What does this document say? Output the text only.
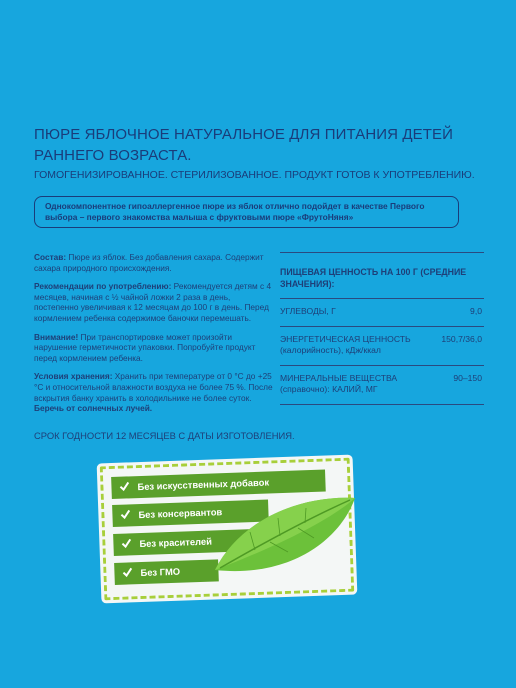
ПЮРЕ ЯБЛОЧНОЕ НАТУРАЛЬНОЕ ДЛЯ ПИТАНИЯ ДЕТЕЙ РАННЕГО ВОЗРАСТА.
ГОМОГЕНИЗИРОВАННОЕ. СТЕРИЛИЗОВАННОЕ. ПРОДУКТ ГОТОВ К УПОТРЕБЛЕНИЮ.
Однокомпонентное гипоаллергенное пюре из яблок отлично подойдет в качестве Первого выбора – первого знакомства малыша с фруктовыми пюре «ФрутоНяня»

Состав: Пюре из яблок. Без добавления сахара. Содержит сахара природного происхождения.

Рекомендации по употреблению: Рекомендуется детям с 4 месяцев, начиная с ½ чайной ложки 2 раза в день, постепенно увеличивая к 12 месяцам до 100 г в день. Перед кормлением ребенка содержимое баночки перемешать.

Внимание! При транспортировке может произойти нарушение герметичности упаковки. Попробуйте продукт перед кормлением ребенка.

Условия хранения: Хранить при температуре от 0 °С до +25 °С и относительной влажности воздуха не более 75 %. После вскрытия банку хранить в холодильнике не более суток. Беречь от солнечных лучей.

СРОК ГОДНОСТИ 12 МЕСЯЦЕВ С ДАТЫ ИЗГОТОВЛЕНИЯ.
ПИЩЕВАЯ ЦЕННОСТЬ НА 100 Г (СРЕДНИЕ ЗНАЧЕНИЯ):
УГЛЕВОДЫ, Г	9,0
ЭНЕРГЕТИЧЕСКАЯ ЦЕННОСТЬ
(калорийность), кДж/ккал
150,7/36,0
МИНЕРАЛЬНЫЕ ВЕЩЕСТВА
(справочно): КАЛИЙ, МГ
90–150
Без искусственных добавок
Без консервантов
Без красителей
Без ГМО
